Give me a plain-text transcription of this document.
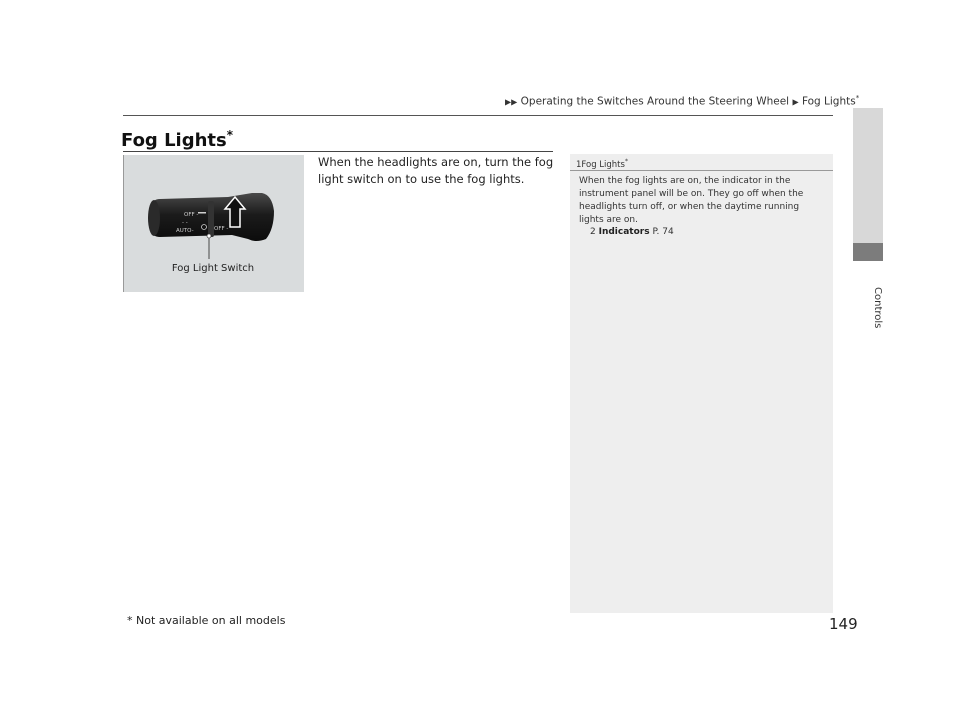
▶▶ Operating the Switches Around the Steering Wheel ▶ Fog Lights*
Controls
Fog Lights*
OFF -
- -
AUTO-	OFF -
Fog Light Switch
When the headlights are on, turn the fog light switch on to use the fog lights.
1Fog Lights*
When the fog lights are on, the indicator in the instrument panel will be on. They go off when the headlights turn off, or when the daytime running lights are on.
2 Indicators P. 74
* Not available on all models	149
